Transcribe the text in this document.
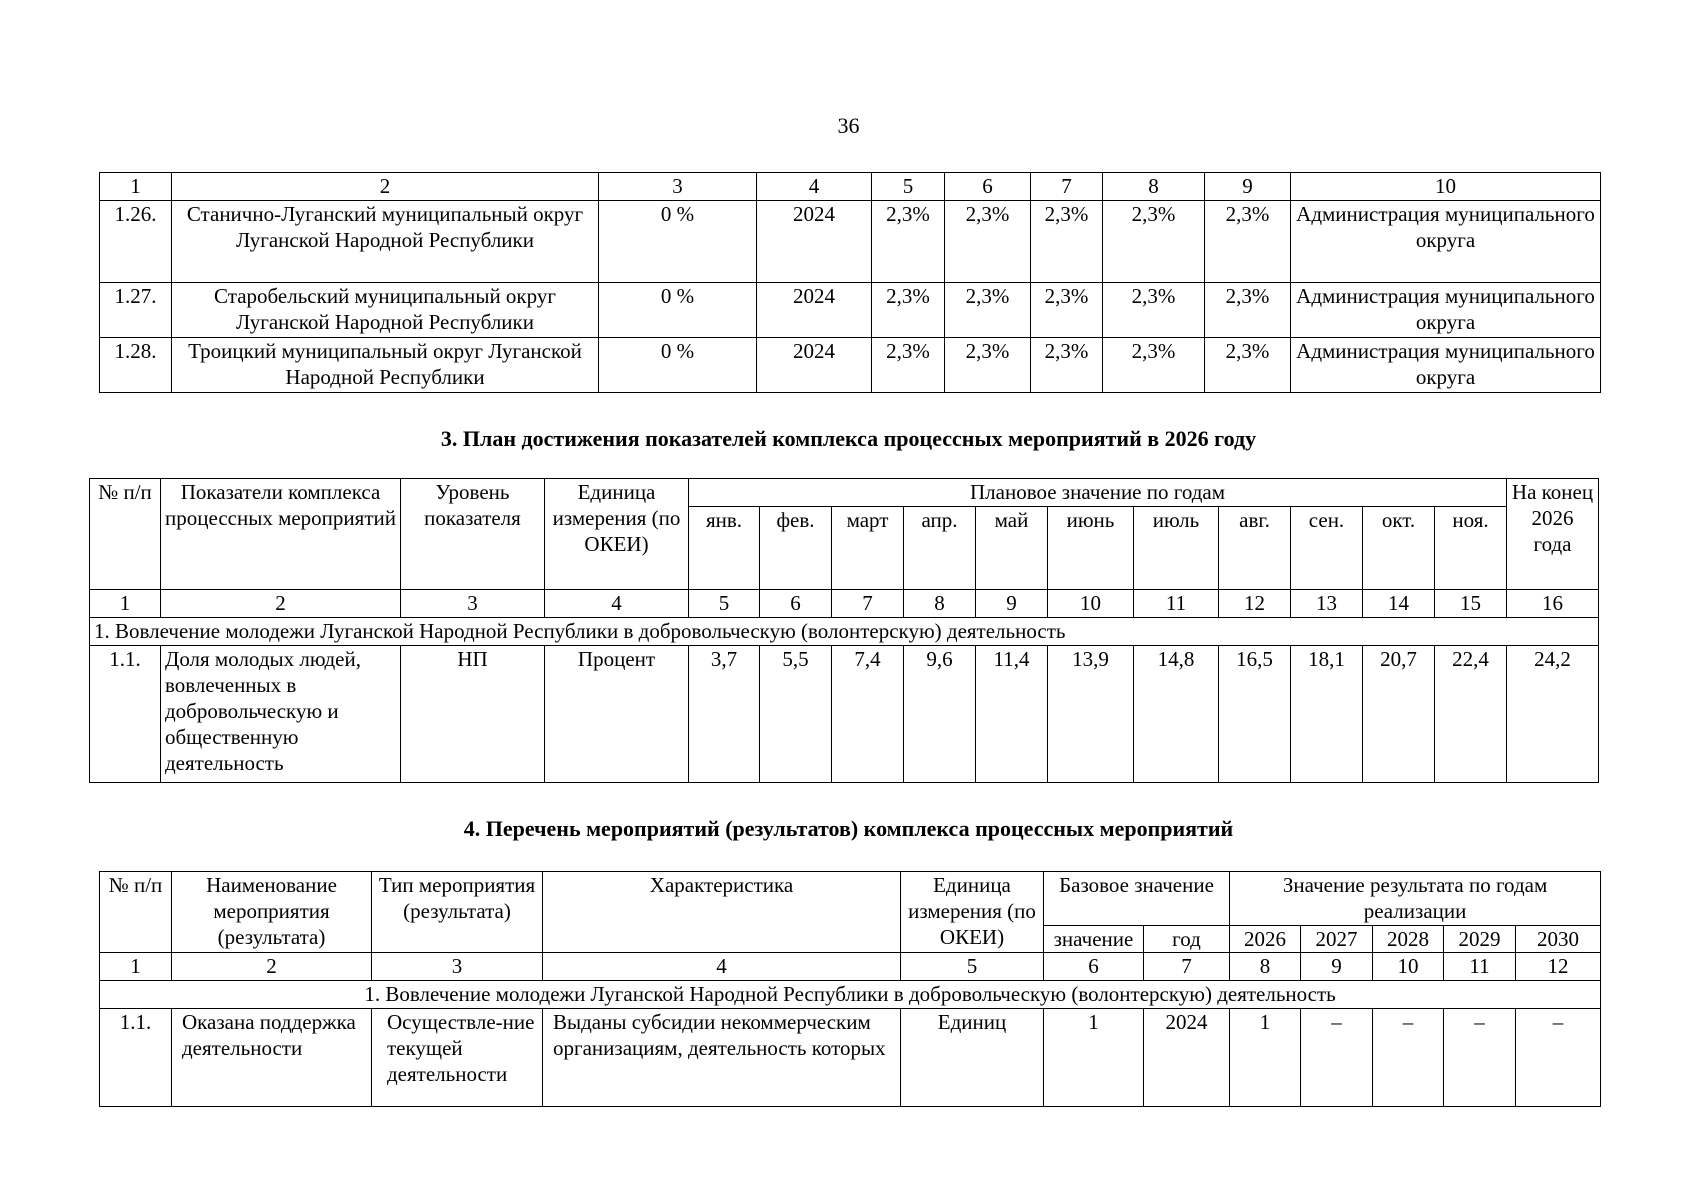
36
1	2	3	4	5	6	7	8	9	10
1.26.	Станично-Луганский муниципальный округ Луганской Народной Республики	0 %	2024	2,3%	2,3%	2,3%	2,3%	2,3%	Администрация муниципального округа
1.27.	Старобельский муниципальный округ Луганской Народной Республики	0 %	2024	2,3%	2,3%	2,3%	2,3%	2,3%	Администрация муниципального округа
1.28.	Троицкий муниципальный округ Луганской Народной Республики	0 %	2024	2,3%	2,3%	2,3%	2,3%	2,3%	Администрация муниципального округа
3. План достижения показателей комплекса процессных мероприятий в 2026 году
№ п/п	Показатели комплекса процессных мероприятий	Уровень показателя	Единица измерения (по ОКЕИ)	Плановое значение по годам											На конец 2026 года
				янв.	фев.	март	апр.	май	июнь	июль	авг.	сен.	окт.	ноя.	
1	2	3	4	5	6	7	8	9	10	11	12	13	14	15	16
1. Вовлечение молодежи Луганской Народной Республики в добровольческую (волонтерскую) деятельность															
1.1.	Доля молодых людей, вовлеченных в добровольческую и общественную деятельность	НП	Процент	3,7	5,5	7,4	9,6	11,4	13,9	14,8	16,5	18,1	20,7	22,4	24,2
4. Перечень мероприятий (результатов) комплекса процессных мероприятий
№ п/п	Наименование мероприятия (результата)	Тип мероприятия (результата)	Характеристика	Единица измерения (по ОКЕИ)	Базовое значение		Значение результата по годам реализации				

					значение	год	2026	2027	2028	2029	2030
1	2	3	4	5	6	7	8	9	10	11	12
1. Вовлечение молодежи Луганской Народной Республики в добровольческую (волонтерскую) деятельность											
1.1.	Оказана поддержка деятельности	Осуществле-ние текущей деятельности	Выданы субсидии некоммерческим организациям, деятельность которых	Единиц	1	2024	1	–	–	–	–
